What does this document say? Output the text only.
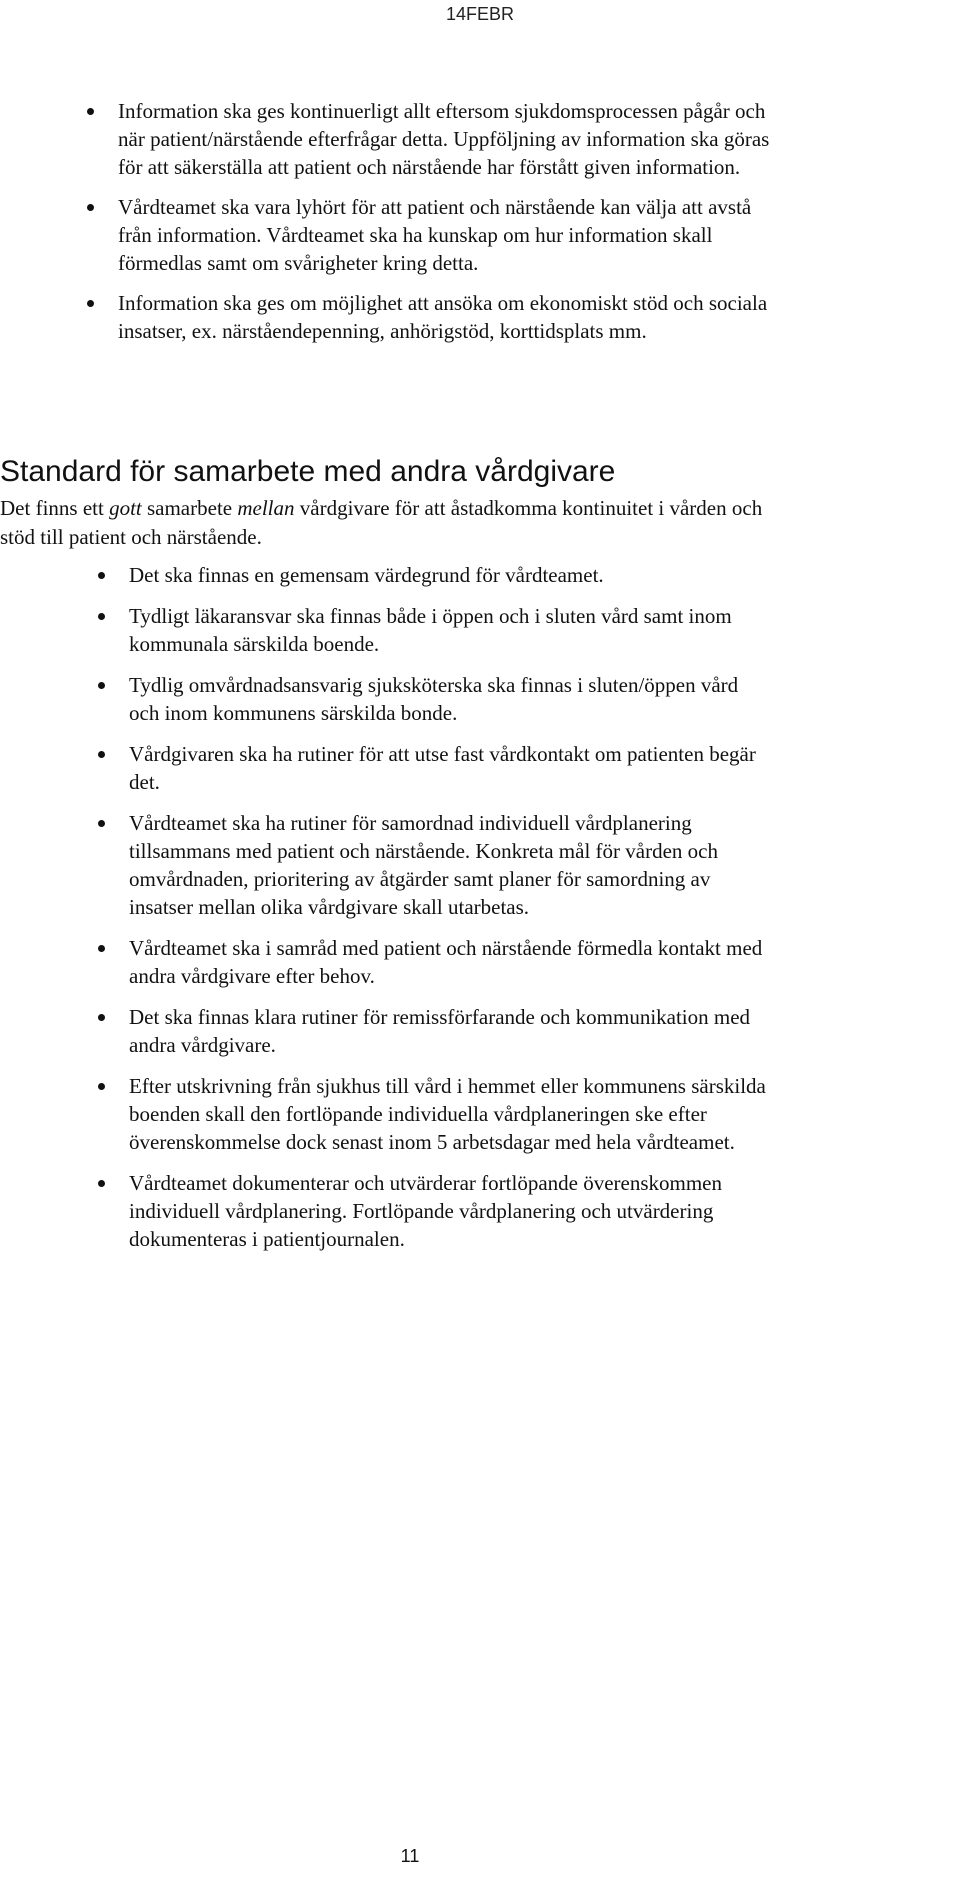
14FEBR
Information ska ges kontinuerligt allt eftersom sjukdomsprocessen pågår och när patient/närstående efterfrågar detta. Uppföljning av information ska göras för att säkerställa att patient och närstående har förstått given information.
Vårdteamet ska vara lyhört för att patient och närstående kan välja att avstå från information. Vårdteamet ska ha kunskap om hur information skall förmedlas samt om svårigheter kring detta.
Information ska ges om möjlighet att ansöka om ekonomiskt stöd och sociala insatser, ex. närståendepenning, anhörigstöd, korttidsplats mm.
Standard för samarbete med andra vårdgivare

Det finns ett gott samarbete mellan vårdgivare för att åstadkomma kontinuitet i vården och stöd till patient och närstående.

Det ska finnas en gemensam värdegrund för vårdteamet.
Tydligt läkaransvar ska finnas både i öppen och i sluten vård samt inom kommunala särskilda boende.
Tydlig omvårdnadsansvarig sjuksköterska ska finnas i sluten/öppen vård och inom kommunens särskilda bonde.
Vårdgivaren ska ha rutiner för att utse fast vårdkontakt om patienten begär det.
Vårdteamet ska ha rutiner för samordnad individuell vårdplanering tillsammans med patient och närstående. Konkreta mål för vården och omvårdnaden, prioritering av åtgärder samt planer för samordning av insatser mellan olika vårdgivare skall utarbetas.
Vårdteamet ska i samråd med patient och närstående förmedla kontakt med andra vårdgivare efter behov.
Det ska finnas klara rutiner för remissförfarande och kommunikation med andra vårdgivare.
Efter utskrivning från sjukhus till vård i hemmet eller kommunens särskilda boenden skall den fortlöpande individuella vårdplaneringen ske efter överenskommelse dock senast inom 5 arbetsdagar med hela vårdteamet.
Vårdteamet dokumenterar och utvärderar fortlöpande överenskommen individuell vårdplanering. Fortlöpande vårdplanering och utvärdering dokumenteras i patientjournalen.
11
